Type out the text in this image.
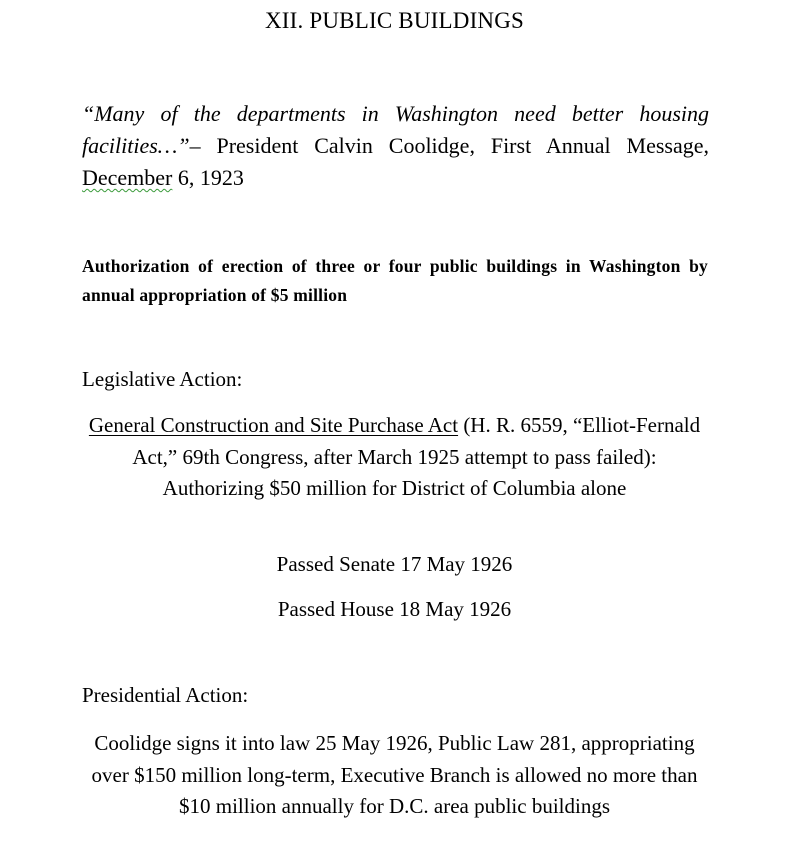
XII. PUBLIC BUILDINGS
“Many of the departments in Washington need better housing facilities…”– President Calvin Coolidge, First Annual Message, December 6, 1923
Authorization of erection of three or four public buildings in Washington by annual appropriation of $5 million
Legislative Action:
General Construction and Site Purchase Act (H. R. 6559, “Elliot-Fernald Act,” 69th Congress, after March 1925 attempt to pass failed): Authorizing $50 million for District of Columbia alone
Passed Senate 17 May 1926
Passed House 18 May 1926
Presidential Action:
Coolidge signs it into law 25 May 1926, Public Law 281, appropriating over $150 million long-term, Executive Branch is allowed no more than $10 million annually for D.C. area public buildings
